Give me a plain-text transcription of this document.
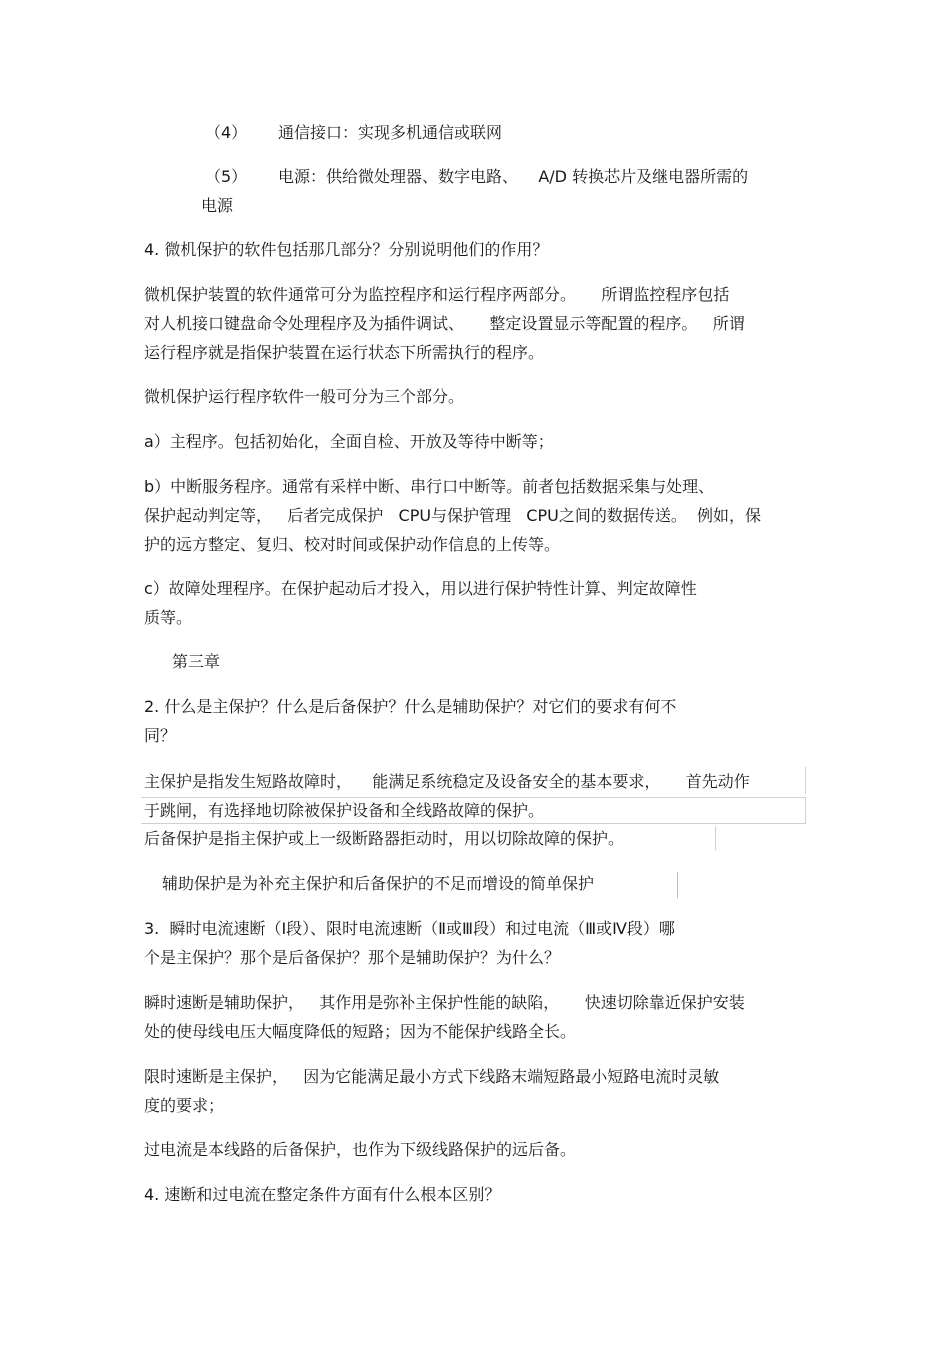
（4） 通信接口：实现多机通信或联网
（5） 电源：供给微处理器、数字电路、    A/D 转换芯片及继电器所需的
电源
4. 微机保护的软件包括那几部分？分别说明他们的作用？
微机保护装置的软件通常可分为监控程序和运行程序两部分。     所谓监控程序包括
对人机接口键盘命令处理程序及为插件调试、     整定设置显示等配置的程序。   所谓
运行程序就是指保护装置在运行状态下所需执行的程序。
微机保护运行程序软件一般可分为三个部分。
a）主程序。包括初始化，全面自检、开放及等待中断等；
b）中断服务程序。通常有采样中断、串行口中断等。前者包括数据采集与处理、
保护起动判定等，   后者完成保护   CPU与保护管理   CPU之间的数据传送。  例如，保
护的远方整定、复归、校对时间或保护动作信息的上传等。
c）故障处理程序。在保护起动后才投入，用以进行保护特性计算、判定故障性
质等。
第三章
2. 什么是主保护？什么是后备保护？什么是辅助保护？对它们的要求有何不
同？
主保护是指发生短路故障时，    能满足系统稳定及设备安全的基本要求，     首先动作
于跳闸，有选择地切除被保护设备和全线路故障的保护。
后备保护是指主保护或上一级断路器拒动时，用以切除故障的保护。
辅助保护是为补充主保护和后备保护的不足而增设的简单保护
3.  瞬时电流速断（Ⅰ段）、限时电流速断（Ⅱ或Ⅲ段）和过电流（Ⅲ或Ⅳ段）哪
个是主保护？那个是后备保护？那个是辅助保护？为什么？
瞬时速断是辅助保护，   其作用是弥补主保护性能的缺陷，     快速切除靠近保护安装
处的使母线电压大幅度降低的短路；因为不能保护线路全长。
限时速断是主保护，   因为它能满足最小方式下线路末端短路最小短路电流时灵敏
度的要求；
过电流是本线路的后备保护，也作为下级线路保护的远后备。
4. 速断和过电流在整定条件方面有什么根本区别？
